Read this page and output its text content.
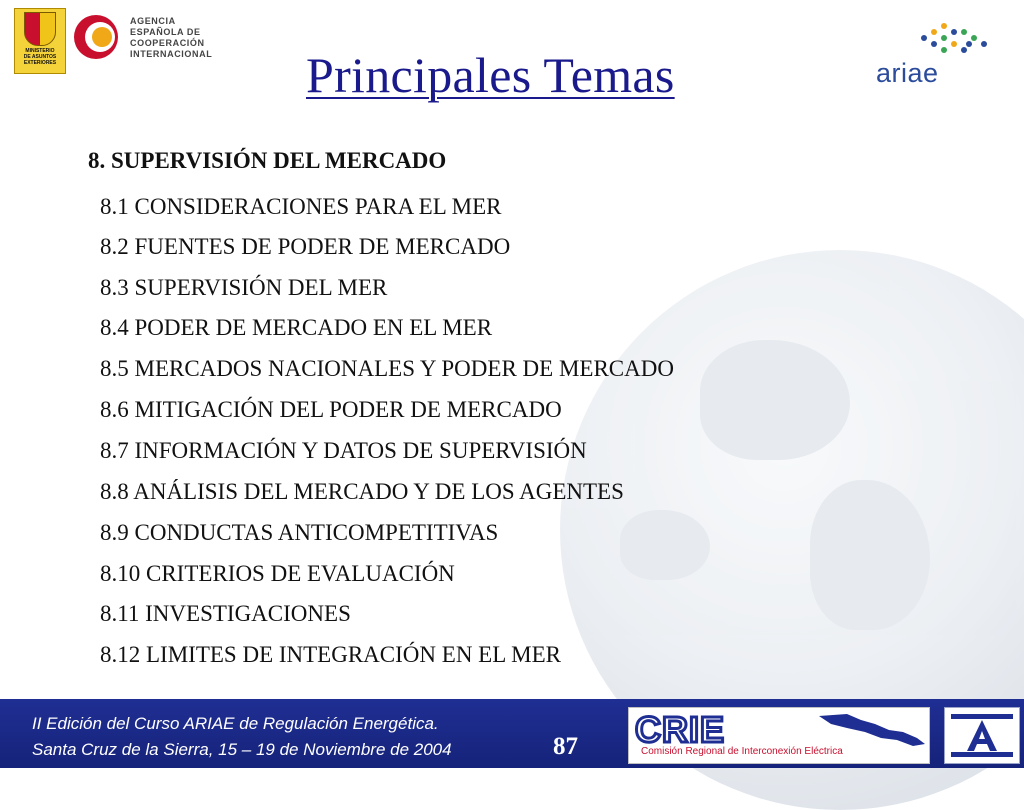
MINISTERIO
DE ASUNTOS
EXTERIORES
AGENCIA
ESPAÑOLA DE
COOPERACIÓN
INTERNACIONAL Principales Temas	ariae
8. SUPERVISIÓN DEL MERCADO
8.1 CONSIDERACIONES PARA EL MER
8.2 FUENTES DE PODER DE MERCADO
8.3 SUPERVISIÓN DEL MER
8.4 PODER DE MERCADO EN EL MER
8.5 MERCADOS NACIONALES Y PODER DE MERCADO
8.6 MITIGACIÓN DEL PODER DE MERCADO
8.7 INFORMACIÓN Y DATOS DE SUPERVISIÓN
8.8 ANÁLISIS DEL MERCADO Y DE LOS AGENTES
8.9 CONDUCTAS ANTICOMPETITIVAS
8.10 CRITERIOS DE EVALUACIÓN
8.11 INVESTIGACIONES
8.12 LIMITES DE INTEGRACIÓN EN EL MER
II Edición del Curso ARIAE de Regulación Energética.
Santa Cruz de la Sierra, 15 – 19 de Noviembre de 2004	87 CRIE
Comisión Regional de Interconexión Eléctrica
